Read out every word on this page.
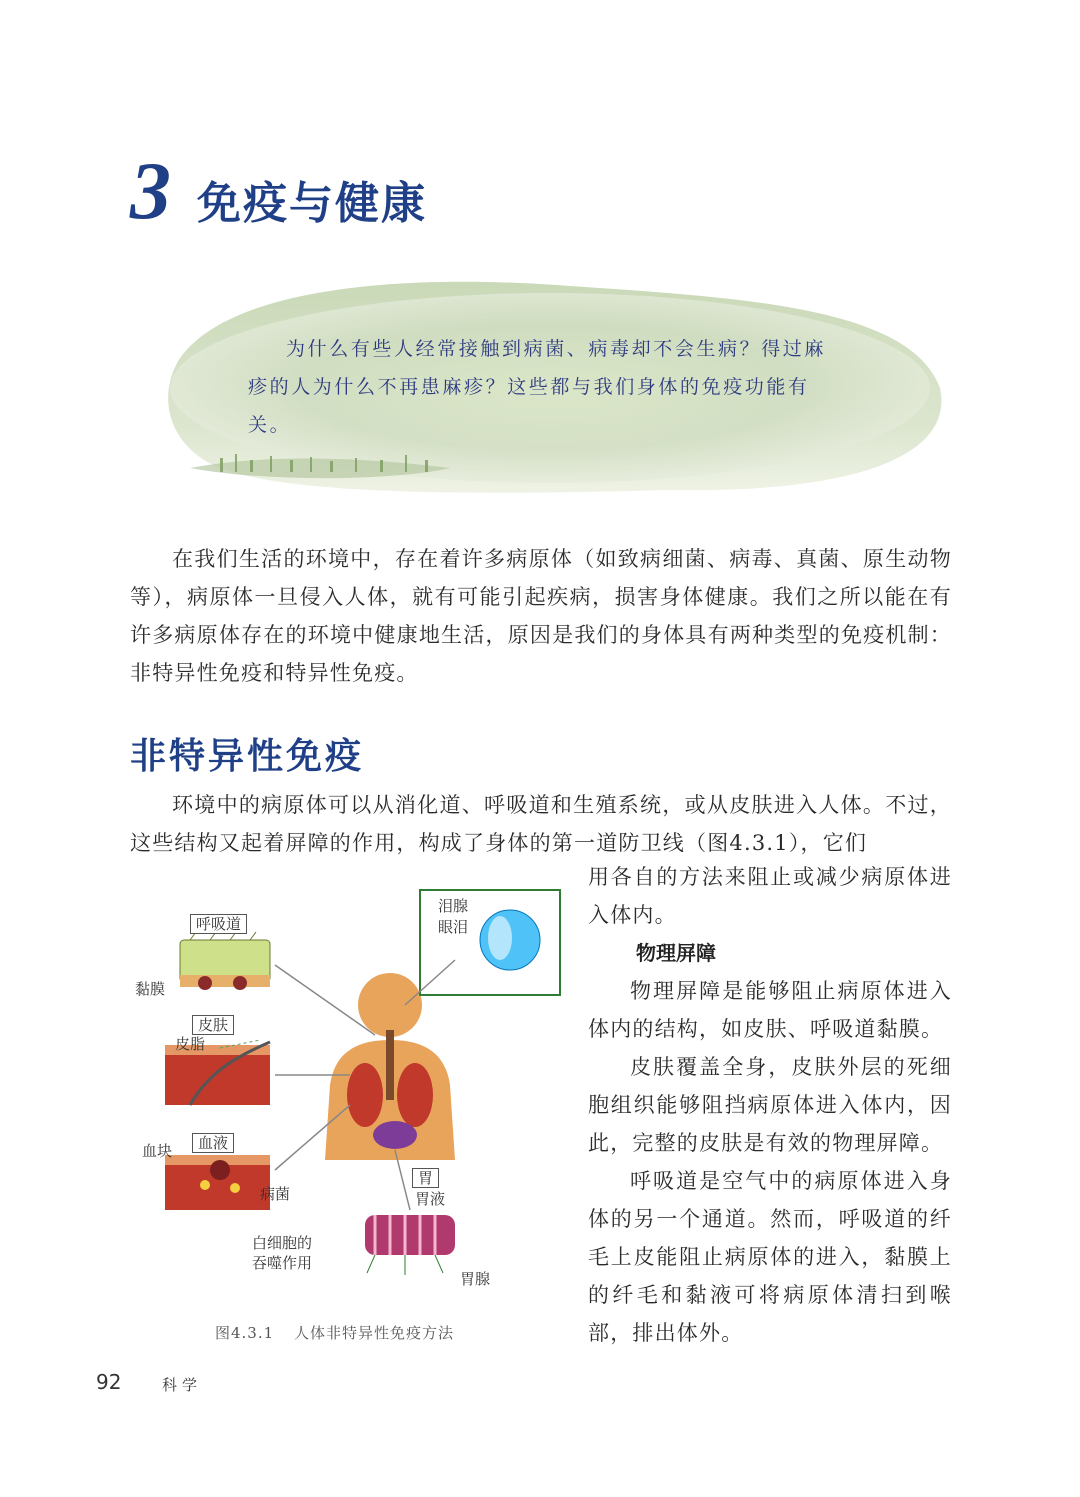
3 免疫与健康
为什么有些人经常接触到病菌、病毒却不会生病？得过麻疹的人为什么不再患麻疹？这些都与我们身体的免疫功能有关。

在我们生活的环境中，存在着许多病原体（如致病细菌、病毒、真菌、原生动物等），病原体一旦侵入人体，就有可能引起疾病，损害身体健康。我们之所以能在有许多病原体存在的环境中健康地生活，原因是我们的身体具有两种类型的免疫机制：非特异性免疫和特异性免疫。

非特异性免疫

环境中的病原体可以从消化道、呼吸道和生殖系统，或从皮肤进入人体。不过，这些结构又起着屏障的作用，构成了身体的第一道防卫线（图4.3.1），它们

用各自的方法来阻止或减少病原体进入体内。

物理屏障

物理屏障是能够阻止病原体进入体内的结构，如皮肤、呼吸道黏膜。

皮肤覆盖全身，皮肤外层的死细胞组织能够阻挡病原体进入体内，因此，完整的皮肤是有效的物理屏障。

呼吸道是空气中的病原体进入身体的另一个通道。然而，呼吸道的纤毛上皮能阻止病原体的进入，黏膜上的纤毛和黏液可将病原体清扫到喉部，排出体外。

呼吸道
黏膜
皮肤
皮脂
血液
血块
病菌
白细胞的
吞噬作用
泪腺
眼泪
胃
胃液
胃腺
图4.3.1 人体非特异性免疫方法
92	科学
